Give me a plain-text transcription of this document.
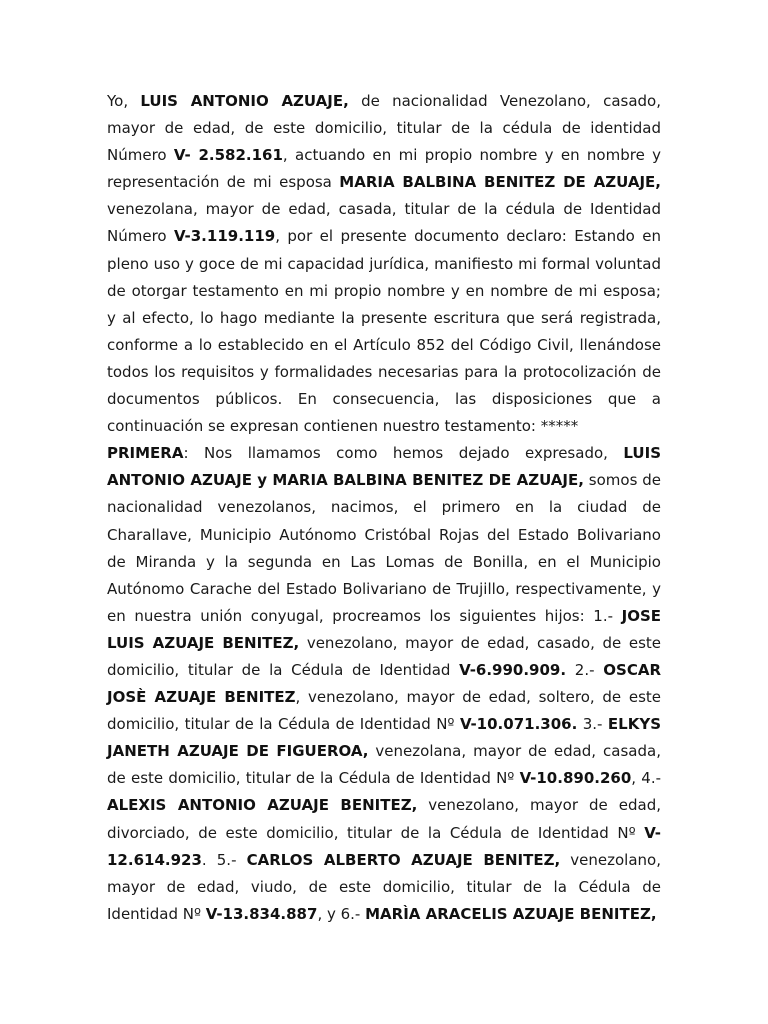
Yo, LUIS ANTONIO AZUAJE, de nacionalidad Venezolano, casado, mayor de edad, de este domicilio, titular de la cédula de identidad Número V- 2.582.161, actuando en mi propio nombre y en nombre y representación de mi esposa MARIA BALBINA BENITEZ DE AZUAJE, venezolana, mayor de edad, casada, titular de la cédula de Identidad Número V-3.119.119, por el presente documento declaro: Estando en pleno uso y goce de mi capacidad jurídica, manifiesto mi formal voluntad de otorgar testamento en mi propio nombre y en nombre de mi esposa; y al efecto, lo hago mediante la presente escritura que será registrada, conforme a lo establecido en el Artículo 852 del Código Civil, llenándose todos los requisitos y formalidades necesarias para la protocolización de documentos públicos. En consecuencia, las disposiciones que a continuación se expresan contienen nuestro testamento: *****

PRIMERA: Nos llamamos como hemos dejado expresado, LUIS ANTONIO AZUAJE y MARIA BALBINA BENITEZ DE AZUAJE, somos de nacionalidad venezolanos, nacimos, el primero en la ciudad de Charallave, Municipio Autónomo Cristóbal Rojas del Estado Bolivariano de Miranda y la segunda en Las Lomas de Bonilla, en el Municipio Autónomo Carache del Estado Bolivariano de Trujillo, respectivamente, y en nuestra unión conyugal, procreamos los siguientes hijos: 1.- JOSE LUIS AZUAJE BENITEZ, venezolano, mayor de edad, casado, de este domicilio, titular de la Cédula de Identidad V-6.990.909. 2.- OSCAR JOSÈ AZUAJE BENITEZ, venezolano, mayor de edad, soltero, de este domicilio, titular de la Cédula de Identidad Nº V-10.071.306. 3.- ELKYS JANETH AZUAJE DE FIGUEROA, venezolana, mayor de edad, casada, de este domicilio, titular de la Cédula de Identidad Nº V-10.890.260, 4.- ALEXIS ANTONIO AZUAJE BENITEZ, venezolano, mayor de edad, divorciado, de este domicilio, titular de la Cédula de Identidad Nº V-12.614.923. 5.- CARLOS ALBERTO AZUAJE BENITEZ, venezolano, mayor de edad, viudo, de este domicilio, titular de la Cédula de Identidad Nº V-13.834.887, y 6.- MARÌA ARACELIS AZUAJE BENITEZ,
